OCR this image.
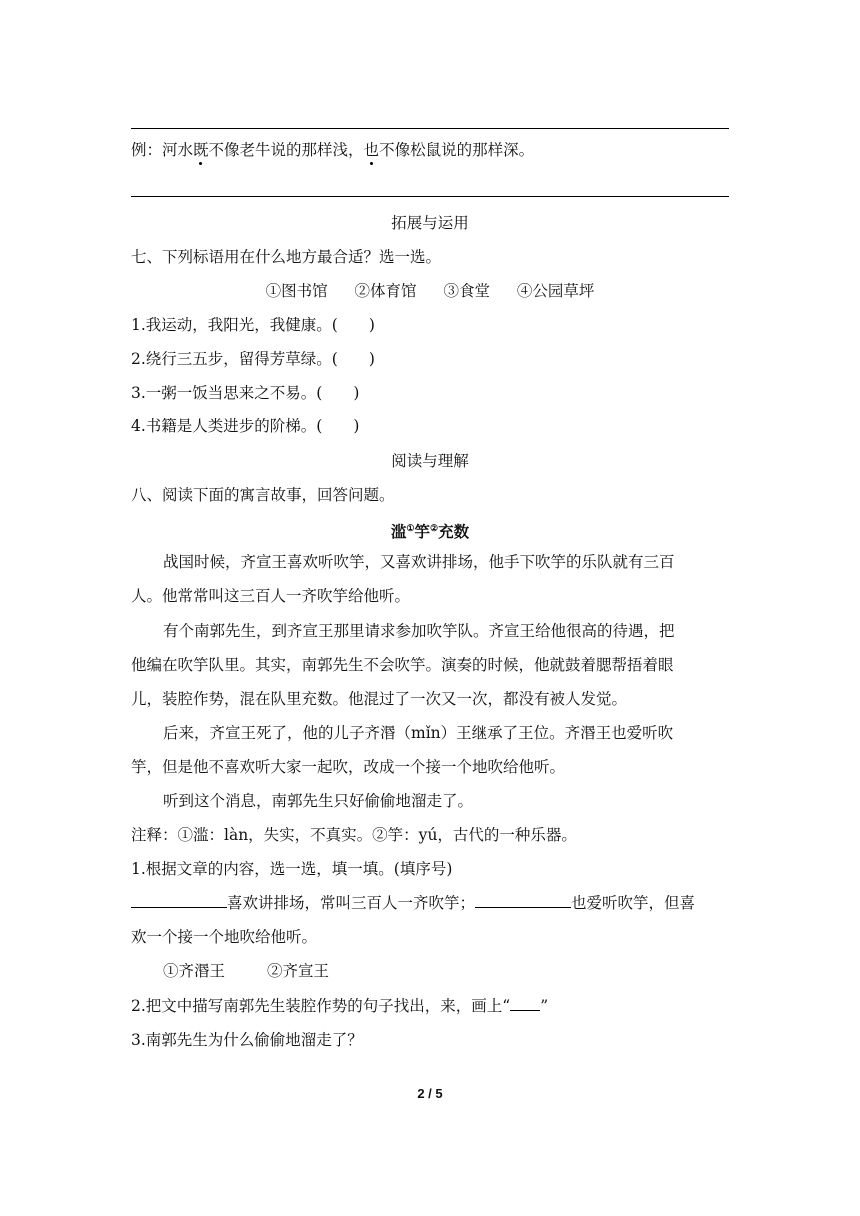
例：河水既不像老牛说的那样浅，也不像松鼠说的那样深。
拓展与运用
七、下列标语用在什么地方最合适？选一选。
①图书馆 ②体育馆 ③食堂 ④公园草坪
1.我运动，我阳光，我健康。(　　)
2.绕行三五步，留得芳草绿。(　　)
3.一粥一饭当思来之不易。(　　)
4.书籍是人类进步的阶梯。(　　)
阅读与理解
八、阅读下面的寓言故事，回答问题。
滥①竽②充数
战国时候，齐宣王喜欢听吹竽，又喜欢讲排场，他手下吹竽的乐队就有三百
人。他常常叫这三百人一齐吹竽给他听。
有个南郭先生，到齐宣王那里请求参加吹竽队。齐宣王给他很高的待遇，把
他编在吹竽队里。其实，南郭先生不会吹竽。演奏的时候，他就鼓着腮帮捂着眼
儿，装腔作势，混在队里充数。他混过了一次又一次，都没有被人发觉。
后来，齐宣王死了，他的儿子齐湣（mǐn）王继承了王位。齐湣王也爱听吹
竽，但是他不喜欢听大家一起吹，改成一个接一个地吹给他听。
听到这个消息，南郭先生只好偷偷地溜走了。
注释：①滥：làn，失实，不真实。②竽：yú，古代的一种乐器。
1.根据文章的内容，选一选，填一填。(填序号)
喜欢讲排场，常叫三百人一齐吹竽；	也爱听吹竽，但喜
欢一个接一个地吹给他听。
①齐湣王	②齐宣王
2.把文中描写南郭先生装腔作势的句子找出，来，画上“ ”
3.南郭先生为什么偷偷地溜走了？
2 / 5
